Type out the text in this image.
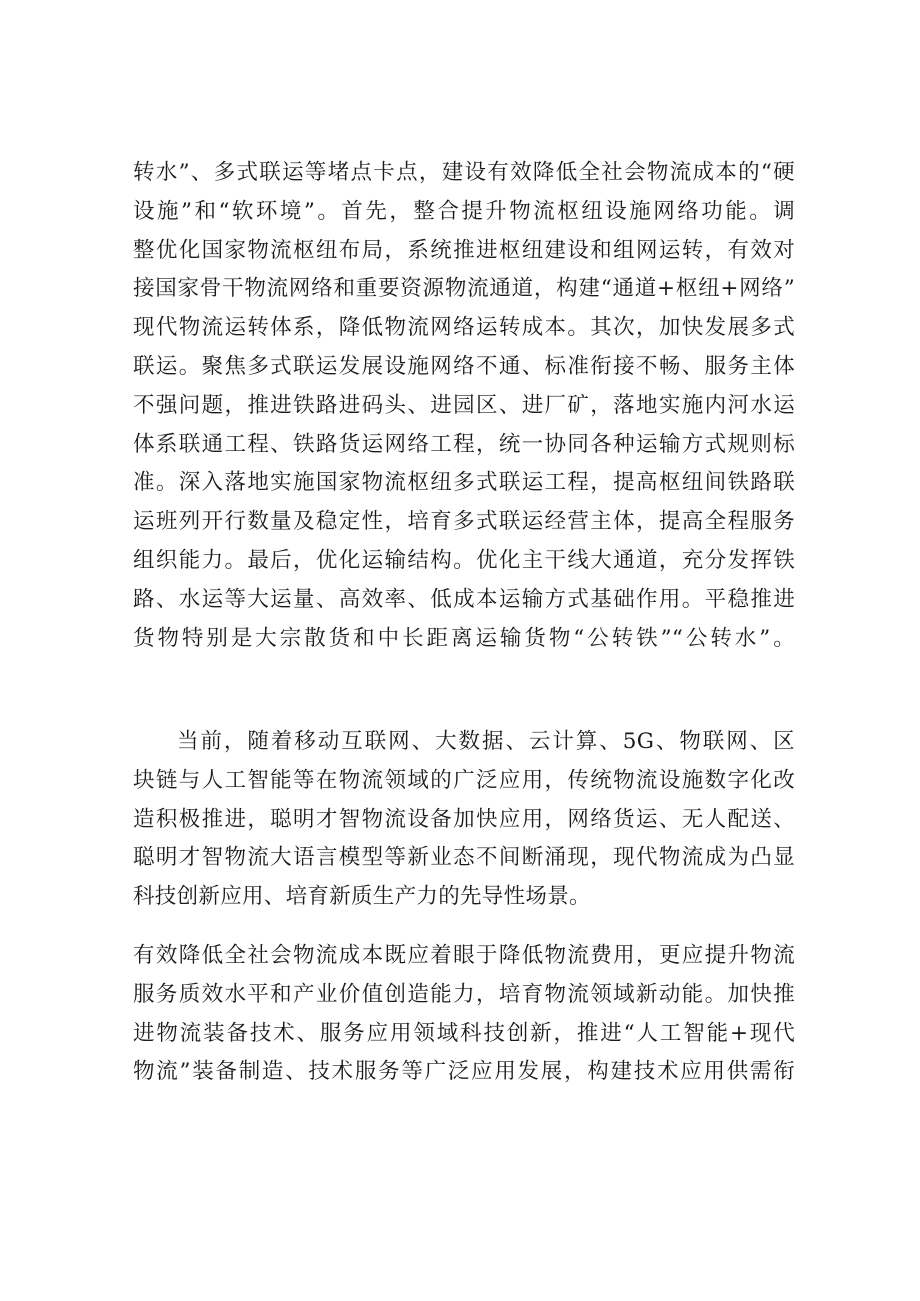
转水”、多式联运等堵点卡点，建设有效降低全社会物流成本的“硬
设施”和“软环境”。首先，整合提升物流枢纽设施网络功能。调
整优化国家物流枢纽布局，系统推进枢纽建设和组网运转，有效对
接国家骨干物流网络和重要资源物流通道，构建“通道+枢纽+网络”
现代物流运转体系，降低物流网络运转成本。其次，加快发展多式
联运。聚焦多式联运发展设施网络不通、标准衔接不畅、服务主体
不强问题，推进铁路进码头、进园区、进厂矿，落地实施内河水运
体系联通工程、铁路货运网络工程，统一协同各种运输方式规则标
准。深入落地实施国家物流枢纽多式联运工程，提高枢纽间铁路联
运班列开行数量及稳定性，培育多式联运经营主体，提高全程服务
组织能力。最后，优化运输结构。优化主干线大通道，充分发挥铁
路、水运等大运量、高效率、低成本运输方式基础作用。平稳推进
货物特别是大宗散货和中长距离运输货物“公转铁”“公转水”。
当前，随着移动互联网、大数据、云计算、5G、物联网、区
块链与人工智能等在物流领域的广泛应用，传统物流设施数字化改
造积极推进，聪明才智物流设备加快应用，网络货运、无人配送、
聪明才智物流大语言模型等新业态不间断涌现，现代物流成为凸显
科技创新应用、培育新质生产力的先导性场景。
有效降低全社会物流成本既应着眼于降低物流费用，更应提升物流
服务质效水平和产业价值创造能力，培育物流领域新动能。加快推
进物流装备技术、服务应用领域科技创新，推进“人工智能+现代
物流”装备制造、技术服务等广泛应用发展，构建技术应用供需衔
